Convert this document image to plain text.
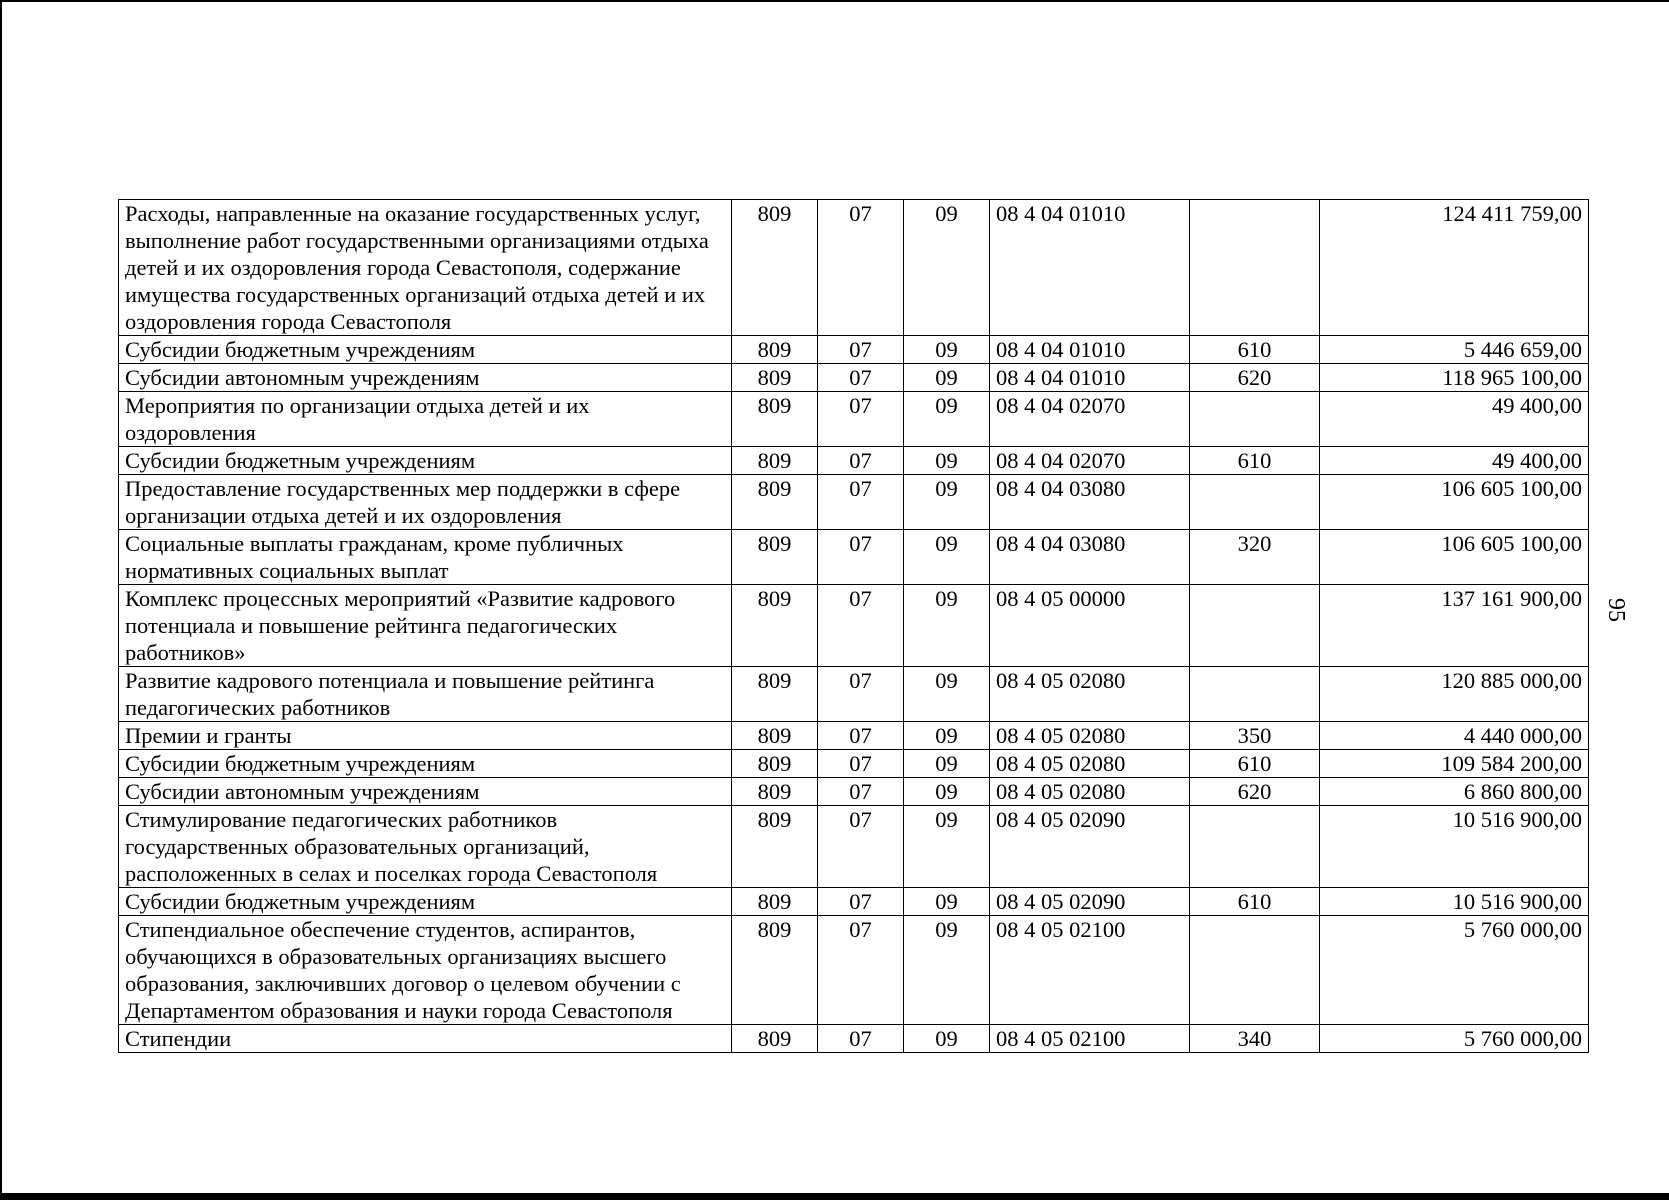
95
Расходы, направленные на оказание государственных услуг, выполнение работ государственными организациями отдыха детей и их оздоровления города Севастополя, содержание имущества государственных организаций отдыха детей и их оздоровления города Севастополя	809	07	09	08 4 04 01010		124 411 759,00
Субсидии бюджетным учреждениям	809	07	09	08 4 04 01010	610	5 446 659,00
Субсидии автономным учреждениям	809	07	09	08 4 04 01010	620	118 965 100,00
Мероприятия по организации отдыха детей и их оздоровления	809	07	09	08 4 04 02070		49 400,00
Субсидии бюджетным учреждениям	809	07	09	08 4 04 02070	610	49 400,00
Предоставление государственных мер поддержки в сфере организации отдыха детей и их оздоровления	809	07	09	08 4 04 03080		106 605 100,00
Социальные выплаты гражданам, кроме публичных нормативных социальных выплат	809	07	09	08 4 04 03080	320	106 605 100,00
Комплекс процессных мероприятий «Развитие кадрового потенциала и повышение рейтинга педагогических работников»	809	07	09	08 4 05 00000		137 161 900,00
Развитие кадрового потенциала и повышение рейтинга педагогических работников	809	07	09	08 4 05 02080		120 885 000,00
Премии и гранты	809	07	09	08 4 05 02080	350	4 440 000,00
Субсидии бюджетным учреждениям	809	07	09	08 4 05 02080	610	109 584 200,00
Субсидии автономным учреждениям	809	07	09	08 4 05 02080	620	6 860 800,00
Стимулирование педагогических работников государственных образовательных организаций, расположенных в селах и поселках города Севастополя	809	07	09	08 4 05 02090		10 516 900,00
Субсидии бюджетным учреждениям	809	07	09	08 4 05 02090	610	10 516 900,00
Стипендиальное обеспечение студентов, аспирантов, обучающихся в образовательных организациях высшего образования, заключивших договор о целевом обучении с Департаментом образования и науки города Севастополя	809	07	09	08 4 05 02100		5 760 000,00
Стипендии	809	07	09	08 4 05 02100	340	5 760 000,00
